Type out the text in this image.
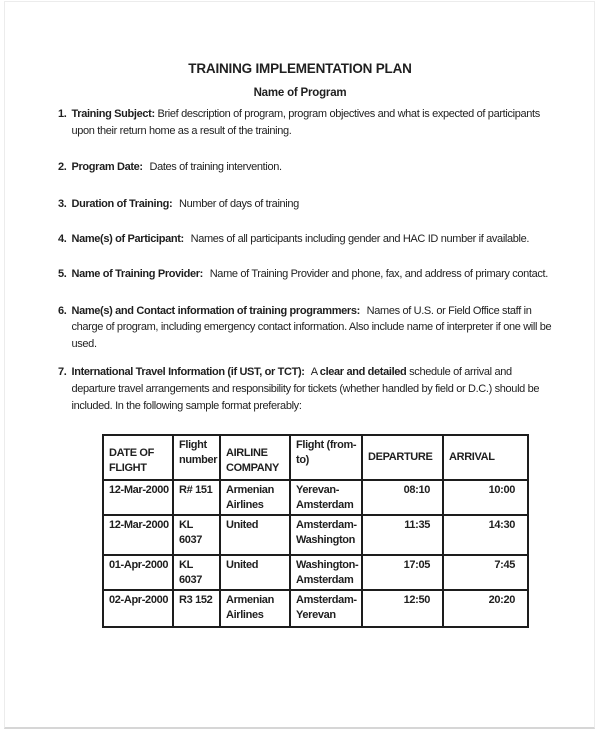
TRAINING IMPLEMENTATION PLAN
Name of Program
1. Training Subject: Brief description of program, program objectives and what is expected of participants upon their return home as a result of the training.
2. Program Date: Dates of training intervention.
3. Duration of Training: Number of days of training
4. Name(s) of Participant: Names of all participants including gender and HAC ID number if available.
5. Name of Training Provider: Name of Training Provider and phone, fax, and address of primary contact.
6. Name(s) and Contact information of training programmers: Names of U.S. or Field Office staff in charge of program, including emergency contact information. Also include name of interpreter if one will be used.
7. International Travel Information (if UST, or TCT): A clear and detailed schedule of arrival and departure travel arrangements and responsibility for tickets (whether handled by field or D.C.) should be included. In the following sample format preferably:
DATE OF FLIGHT	Flight number	AIRLINE COMPANY	Flight (from-to)	DEPARTURE	ARRIVAL
12-Mar-2000	R# 151	Armenian Airlines	Yerevan-Amsterdam	08:10	10:00
12-Mar-2000	KL 6037	United	Amsterdam-Washington	11:35	14:30
01-Apr-2000	KL 6037	United	Washington-Amsterdam	17:05	7:45
02-Apr-2000	R3 152	Armenian Airlines	Amsterdam-Yerevan	12:50	20:20
